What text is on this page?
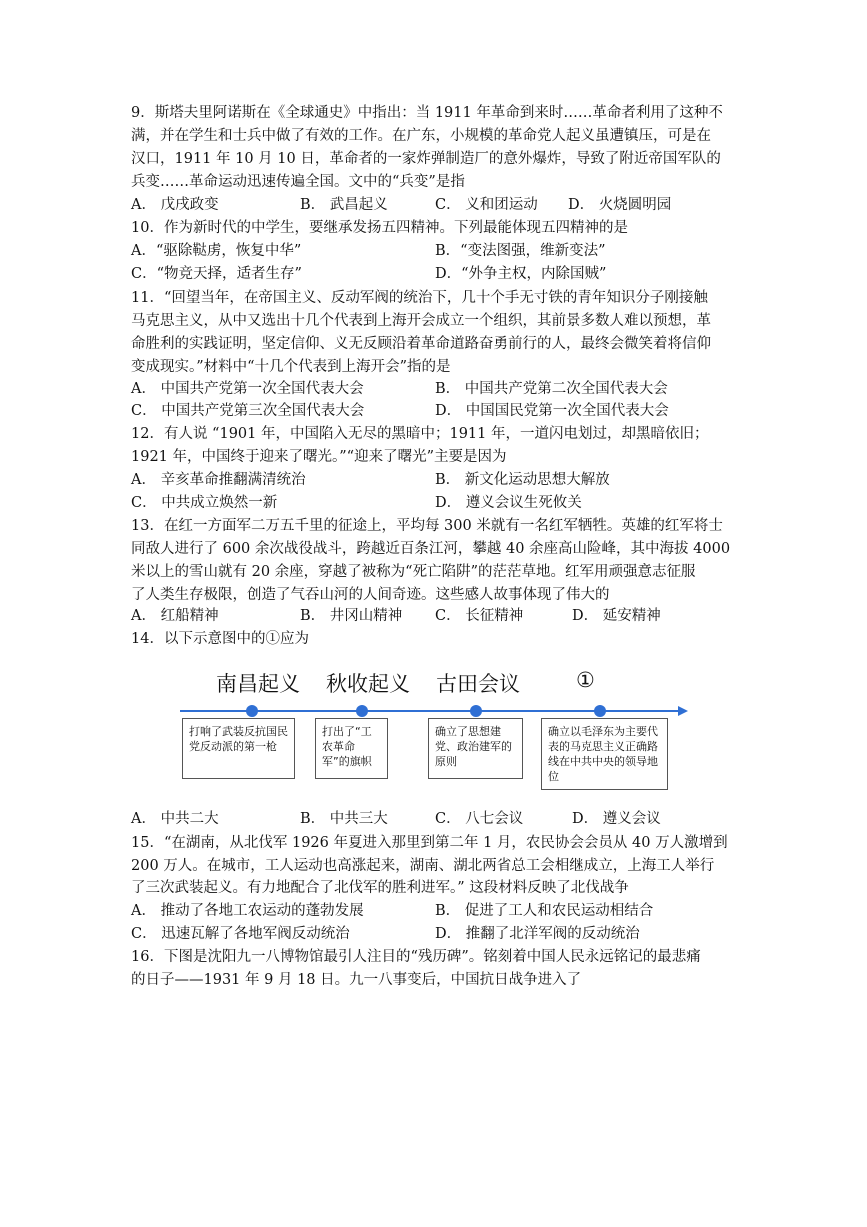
9．斯塔夫里阿诺斯在《全球通史》中指出：当 1911 年革命到来时……革命者利用了这种不
满，并在学生和士兵中做了有效的工作。在广东，小规模的革命党人起义虽遭镇压，可是在
汉口，1911 年 10 月 10 日，革命者的一家炸弹制造厂的意外爆炸，导致了附近帝国军队的
兵变……革命运动迅速传遍全国。文中的“兵变”是指
A． 戊戌政变	B． 武昌起义	C． 义和团运动 D． 火烧圆明园
10．作为新时代的中学生，要继承发扬五四精神。下列最能体现五四精神的是
A．“驱除鞑虏，恢复中华”	B．“变法图强，维新变法”
C．“物竞天择，适者生存”	D．“外争主权，内除国贼”
11．“回望当年，在帝国主义、反动军阀的统治下，几十个手无寸铁的青年知识分子刚接触
马克思主义，从中又选出十几个代表到上海开会成立一个组织，其前景多数人难以预想，革
命胜利的实践证明，坚定信仰、义无反顾沿着革命道路奋勇前行的人，最终会微笑着将信仰
变成现实。”材料中“十几个代表到上海开会”指的是
A． 中国共产党第一次全国代表大会	B． 中国共产党第二次全国代表大会
C． 中国共产党第三次全国代表大会	D． 中国国民党第一次全国代表大会
12．有人说 “1901 年，中国陷入无尽的黑暗中；1911 年，一道闪电划过，却黑暗依旧；
1921 年，中国终于迎来了曙光。”“迎来了曙光”主要是因为
A． 辛亥革命推翻满清统治	B． 新文化运动思想大解放
C． 中共成立焕然一新	D． 遵义会议生死攸关
13．在红一方面军二万五千里的征途上，平均每 300 米就有一名红军牺牲。英雄的红军将士
同敌人进行了 600 余次战役战斗，跨越近百条江河，攀越 40 余座高山险峰，其中海拔 4000
米以上的雪山就有 20 余座，穿越了被称为“死亡陷阱”的茫茫草地。红军用顽强意志征服
了人类生存极限，创造了气吞山河的人间奇迹。这些感人故事体现了伟大的
A． 红船精神	B． 井冈山精神 C． 长征精神	D． 延安精神
14．以下示意图中的①应为
南昌起义 秋收起义 古田会议	①
打响了武装反抗国民党反动派的第一枪
打出了“工农革命军”的旗帜
确立了思想建党、政治建军的原则
确立以毛泽东为主要代表的马克思主义正确路线在中共中央的领导地位
A． 中共二大	B． 中共三大	C． 八七会议	D． 遵义会议
15．“在湖南，从北伐军 1926 年夏进入那里到第二年 1 月，农民协会会员从 40 万人激增到
200 万人。在城市，工人运动也高涨起来，湖南、湖北两省总工会相继成立，上海工人举行
了三次武装起义。有力地配合了北伐军的胜利进军。” 这段材料反映了北伐战争
A． 推动了各地工农运动的蓬勃发展	B． 促进了工人和农民运动相结合
C． 迅速瓦解了各地军阀反动统治	D． 推翻了北洋军阀的反动统治
16．下图是沈阳九一八博物馆最引人注目的“残历碑”。铭刻着中国人民永远铭记的最悲痛
的日子——1931 年 9 月 18 日。九一八事变后，中国抗日战争进入了
